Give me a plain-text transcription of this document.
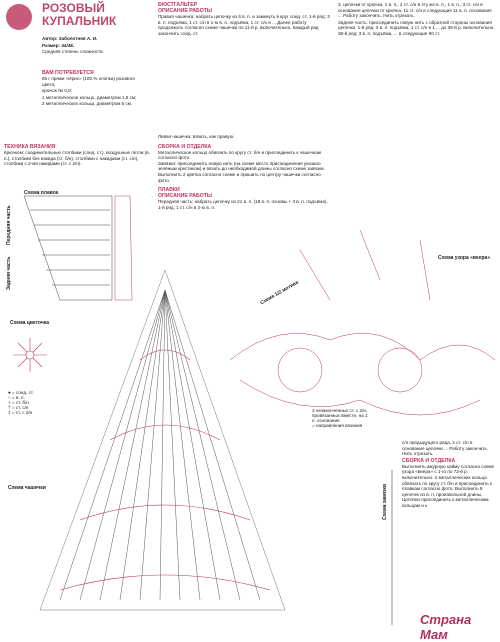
РОЗОВЫЙ КУПАЛЬНИК

Автор: Заболотняя А. И.

Размер: 44/48.

Средняя степень сложности.

ВАМ ПОТРЕБУЕТСЯ

65 г пряжи «Ирис» (100 % хлопка) розового цвета;

крючок № 0,9;

1 металлическое кольцо, диаметром 1,5 см;

2 металлических кольца, диаметром 5 см.

ТЕХНИКА ВЯЗАНИЯ
Крючком: соединительные столбики (соед. ст.), воздушные петли (в. п.), столбики без накида (ст. б/н), столбики с накидами (ст. с/н), столбики с 2-мя накидами (ст. с 2/н).
БЮСТГАЛЬТЕР
ОПИСАНИЕ РАБОТЫ
Правая чашечка: набрать цепочку из 6 в. п. и замкнуть в круг соед. ст. 1-й ряд: 3 в. п. подъёма, 1 ст. с/н в 1-ю в. п. подъёма, 1 ст. с/н в ... Далее работу продолжить согласно схеме чашечки по 11-й р. включительно. Каждый ряд закончить соед. ст.
Левая чашечка: вязать, как правую.
СБОРКА И ОТДЕЛКА
Металлическое кольцо обвязать по кругу ст. б/н и присоединить к чашечкам согласно фото.
Завязки: присоединить новую нить (на схеме место присоединения указано зелёным крестиком) и вязать до необходимой длины согласно схеме завязки. Выполнить 2 цветка согласно схеме и пришить по центру чашечки согласно фото.
ПЛАВКИ
ОПИСАНИЕ РАБОТЫ
Передняя часть: набрать цепочку из 21 в. п. (18 в. п. основы + 3 в. п. подъёма). 1-й ряд: 1 ст. с/н в 4-ю в. п.

3. цепочки от крючка, 1 в. п., 2 ст. с/н в эту же в. п., 1 в. п., 3 ст. с/н в основания цепочки от крючка, 11 ст. с/н в следующие 11 в. п. основания ... Работу закончить. Нить отрезать.

Задняя часть: присоединить новую нить с обратной стороны основания цепочки. 1-й ряд: 3 в. п. подъёма, 1 ст. с/н в 1 ... до 36-й р. включительно. 38-й ряд: 3 в. п. подъёма, ... в следующие 90 ст.

с/н предыдущего ряда, 2 ст. с/н в основание цепочки ... Работу закончить. Нить отрезать.

СБОРКА И ОТДЕЛКА

Выполнить ажурную кайму согласно схеме узора «веера» с 1-го по 72-й р. включительно. 2 металлических кольца обвязать по кругу ст. б/н и присоединить к плавкам согласно фото. Выполнить 8 цепочек из в. п. произвольной длины. Цепочки присоединить к металлическим кольцам и к

Схема плавок
Задняя часть
Передняя часть
Схема цветочка
Схема чашечки
Схема узора «веера»
Схема 1/2 мотива
Схема завязки
● = соед. ст.
○ = в. п.
+ = ст. б/н
† = ст. с/н
‡ = ст. с 2/н	3 незаконченных ст. с 2/н, провязанных вместе, на 1 п. основания
= направления вязания
Страна Мам
